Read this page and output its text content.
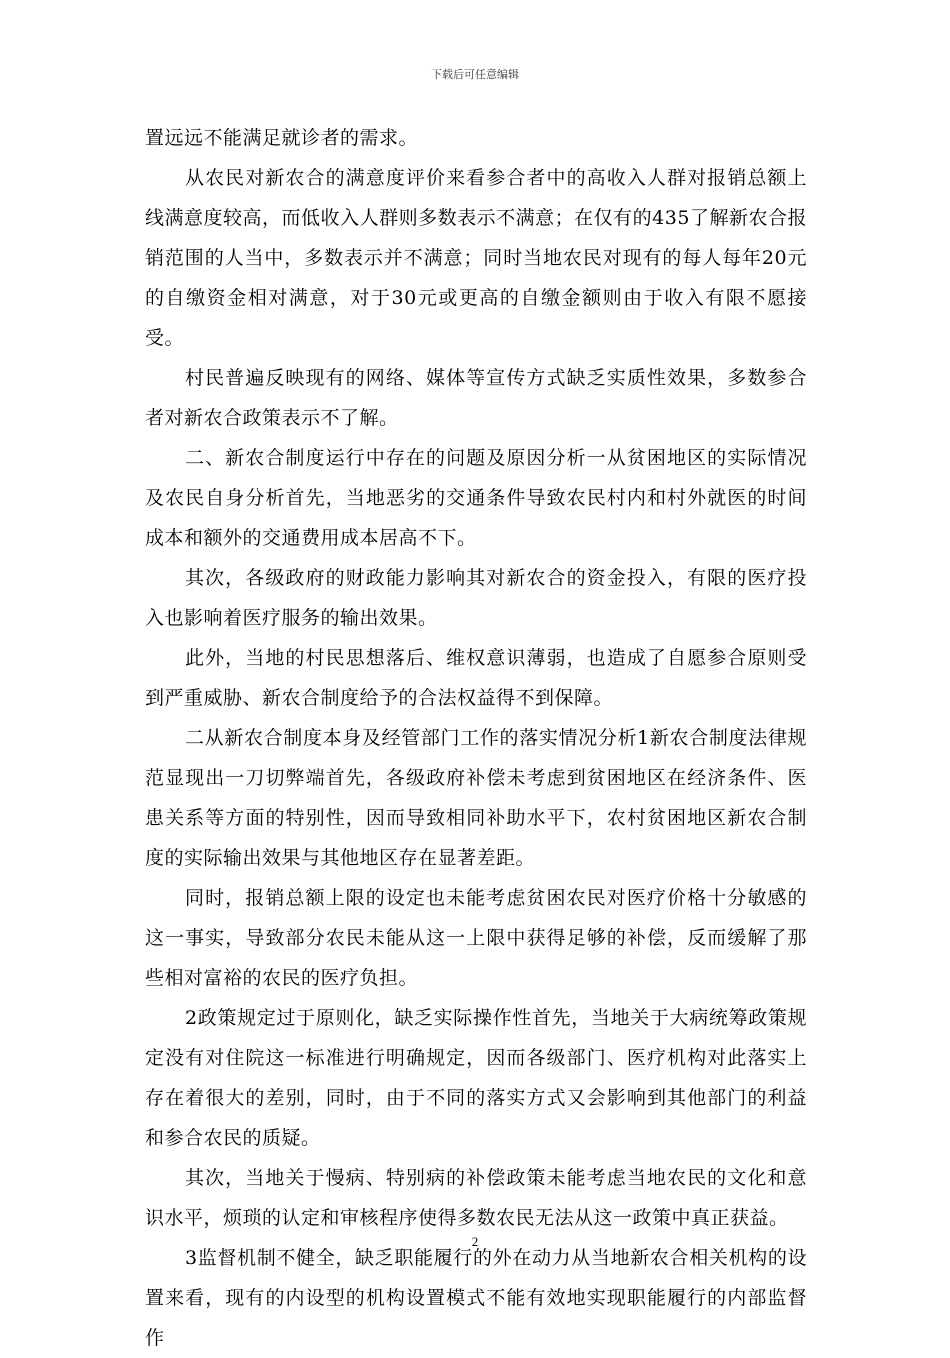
下载后可任意编辑

置远远不能满足就诊者的需求。

从农民对新农合的满意度评价来看参合者中的高收入人群对报销总额上线满意度较高，而低收入人群则多数表示不满意；在仅有的435了解新农合报销范围的人当中，多数表示并不满意；同时当地农民对现有的每人每年20元的自缴资金相对满意，对于30元或更高的自缴金额则由于收入有限不愿接受。

村民普遍反映现有的网络、媒体等宣传方式缺乏实质性效果，多数参合者对新农合政策表示不了解。

二、新农合制度运行中存在的问题及原因分析一从贫困地区的实际情况及农民自身分析首先，当地恶劣的交通条件导致农民村内和村外就医的时间成本和额外的交通费用成本居高不下。

其次，各级政府的财政能力影响其对新农合的资金投入，有限的医疗投入也影响着医疗服务的输出效果。

此外，当地的村民思想落后、维权意识薄弱，也造成了自愿参合原则受到严重威胁、新农合制度给予的合法权益得不到保障。

二从新农合制度本身及经管部门工作的落实情况分析1新农合制度法律规范显现出一刀切弊端首先，各级政府补偿未考虑到贫困地区在经济条件、医患关系等方面的特别性，因而导致相同补助水平下，农村贫困地区新农合制度的实际输出效果与其他地区存在显著差距。

同时，报销总额上限的设定也未能考虑贫困农民对医疗价格十分敏感的这一事实，导致部分农民未能从这一上限中获得足够的补偿，反而缓解了那些相对富裕的农民的医疗负担。

2政策规定过于原则化，缺乏实际操作性首先，当地关于大病统筹政策规定没有对住院这一标准进行明确规定，因而各级部门、医疗机构对此落实上存在着很大的差别，同时，由于不同的落实方式又会影响到其他部门的利益和参合农民的质疑。

其次，当地关于慢病、特别病的补偿政策未能考虑当地农民的文化和意识水平，烦琐的认定和审核程序使得多数农民无法从这一政策中真正获益。

3监督机制不健全，缺乏职能履行的外在动力从当地新农合相关机构的设置来看，现有的内设型的机构设置模式不能有效地实现职能履行的内部监督作

2
